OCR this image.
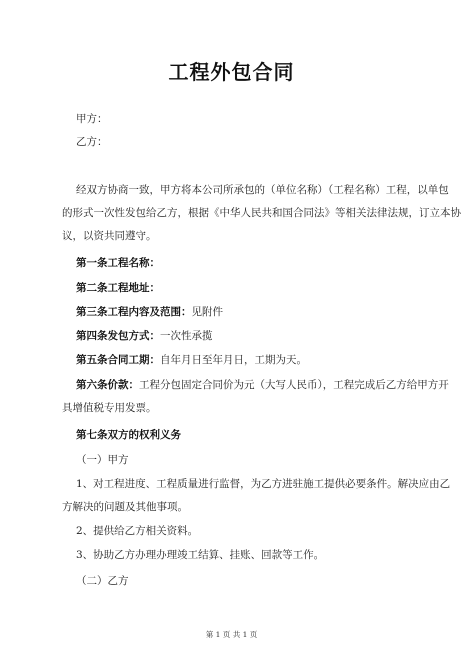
工程外包合同
甲方：
乙方：
经双方协商一致，甲方将本公司所承包的（单位名称）（工程名称）工程，以单包
的形式一次性发包给乙方，根据《中华人民共和国合同法》等相关法律法规，订立本协
议，以资共同遵守。
第一条工程名称：
第二条工程地址：
第三条工程内容及范围：见附件
第四条发包方式：一次性承揽
第五条合同工期：自年月日至年月日，工期为天。
第六条价款：工程分包固定合同价为元（大写人民币），工程完成后乙方给甲方开
具增值税专用发票。
第七条双方的权利义务
（一）甲方
1、对工程进度、工程质量进行监督，为乙方进驻施工提供必要条件。解决应由乙
方解决的问题及其他事项。
2、提供给乙方相关资料。
3、协助乙方办理办理竣工结算、挂账、回款等工作。
（二）乙方
第 1 页 共 1 页
